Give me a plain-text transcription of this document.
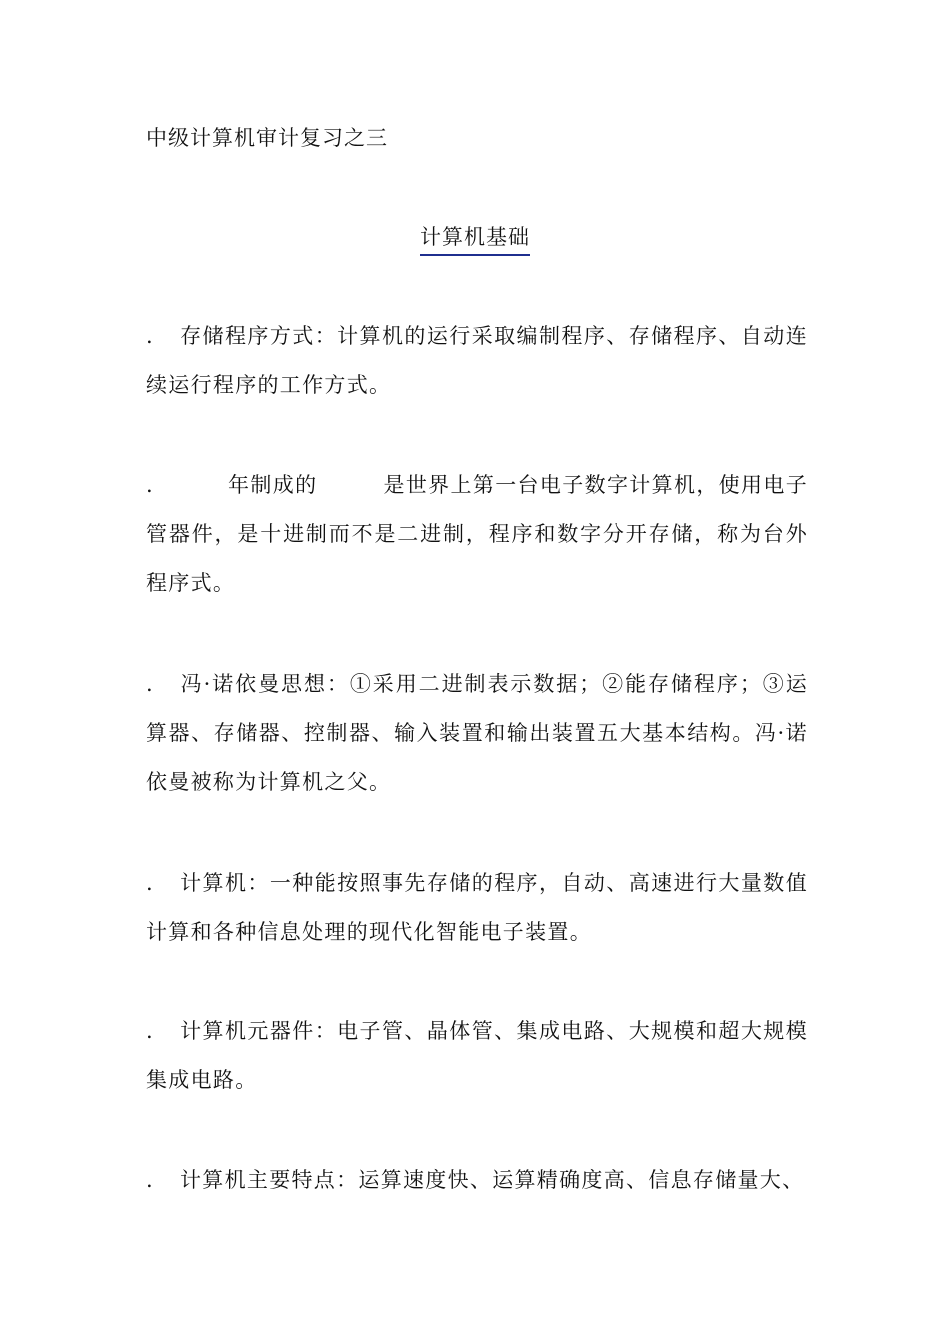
中级计算机审计复习之三
计算机基础

. 存储程序方式：计算机的运行采取编制程序、存储程序、自动连续运行程序的工作方式。

.	年制成的	是世界上第一台电子数字计算机，使用电子管器件，是十进制而不是二进制，程序和数字分开存储，称为台外程序式。

. 冯·诺依曼思想：①采用二进制表示数据；②能存储程序；③运算器、存储器、控制器、输入装置和输出装置五大基本结构。冯·诺依曼被称为计算机之父。

. 计算机：一种能按照事先存储的程序，自动、高速进行大量数值计算和各种信息处理的现代化智能电子装置。

. 计算机元器件：电子管、晶体管、集成电路、大规模和超大规模集成电路。

. 计算机主要特点：运算速度快、运算精确度高、信息存储量大、
